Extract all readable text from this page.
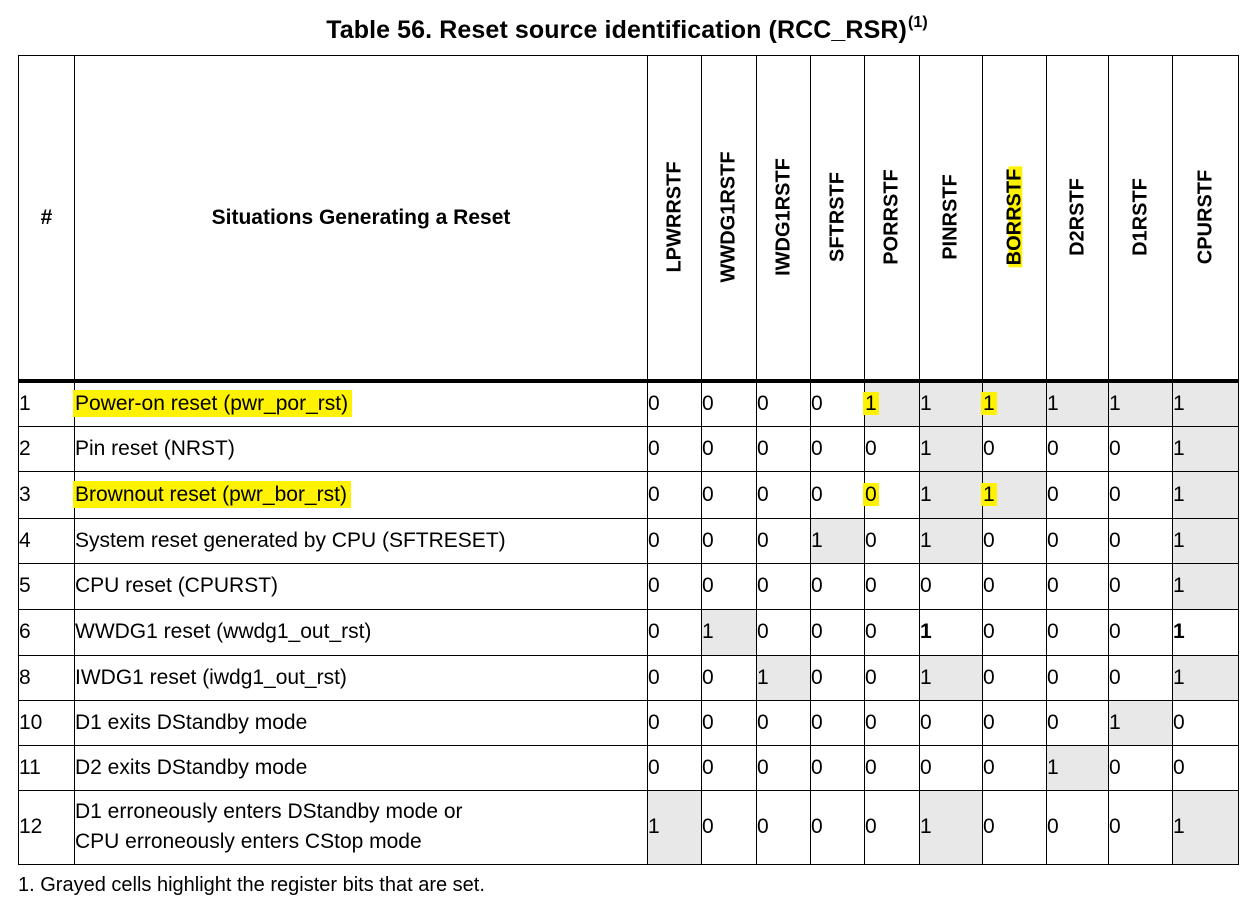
Table 56. Reset source identification (RCC_RSR)$^{(1)}$
#	Situations Generating a Reset	LPWRRSTF	WWDG1RSTF	IWDG1RSTF	SFTRSTF	PORRSTF	PINRSTF	BORRSTF	D2RSTF	D1RSTF	CPURSTF

1	Power-on reset (pwr_por_rst)	0	0	0	0	1	1	1	1	1	1
2	Pin reset (NRST)	0	0	0	0	0	1	0	0	0	1
3	Brownout reset (pwr_bor_rst)	0	0	0	0	0	1	1	0	0	1
4	System reset generated by CPU (SFTRESET)	0	0	0	1	0	1	0	0	0	1
5	CPU reset (CPURST)	0	0	0	0	0	0	0	0	0	1
6	WWDG1 reset (wwdg1_out_rst)	0	1	0	0	0	1	0	0	0	1
8	IWDG1 reset (iwdg1_out_rst)	0	0	1	0	0	1	0	0	0	1
10	D1 exits DStandby mode	0	0	0	0	0	0	0	0	1	0
11	D2 exits DStandby mode	0	0	0	0	0	0	0	1	0	0
12	D1 erroneously enters DStandby mode or
CPU erroneously enters CStop mode	1	0	0	0	0	1	0	0	0	1
1. Grayed cells highlight the register bits that are set.
